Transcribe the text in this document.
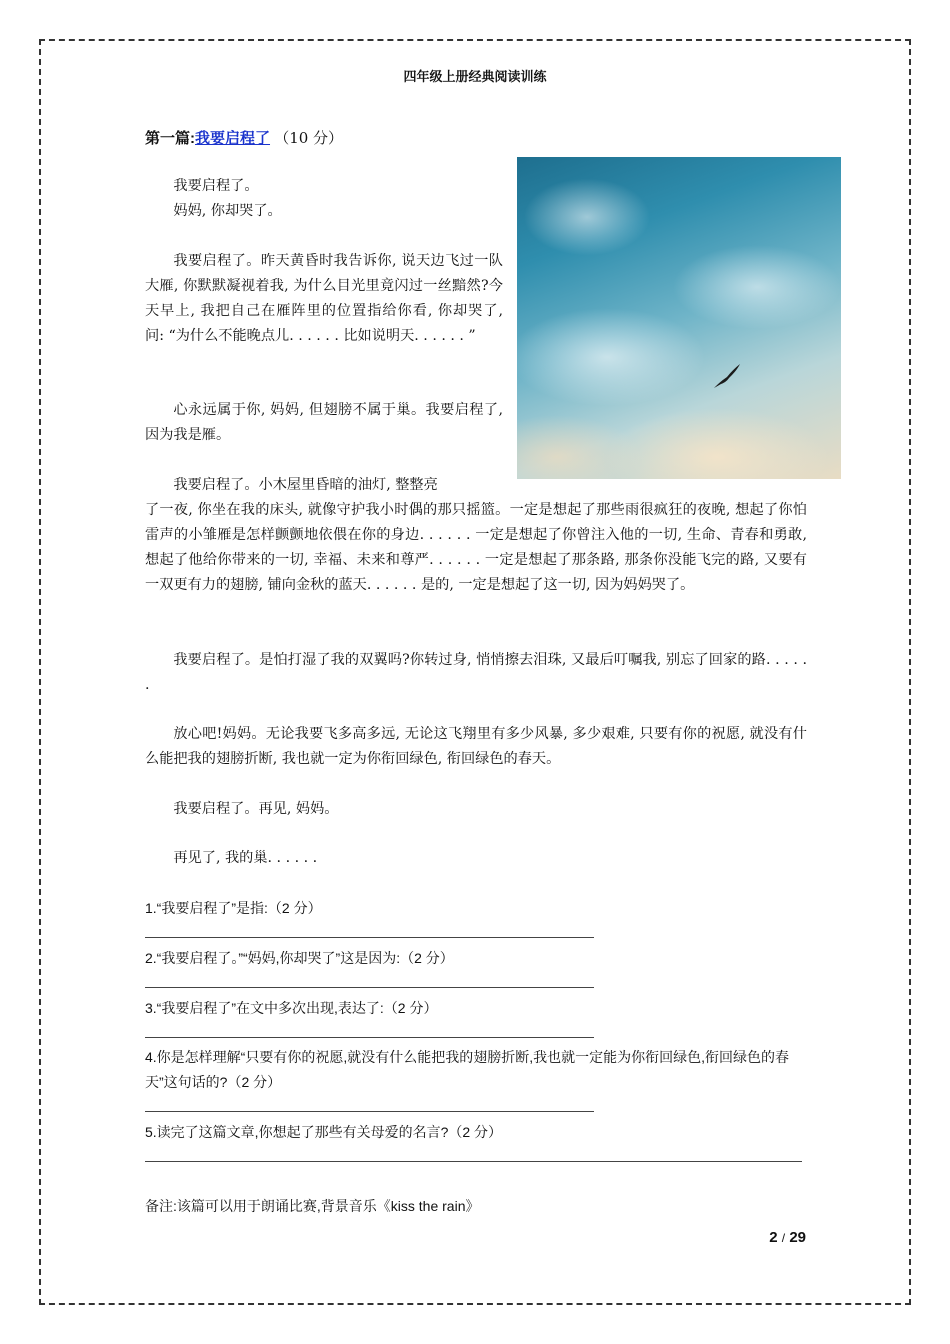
四年级上册经典阅读训练
第一篇:我要启程了 （10 分）

我要启程了。

妈妈, 你却哭了。

我要启程了。昨天黄昏时我告诉你, 说天边飞过一队大雁, 你默默凝视着我, 为什么目光里竟闪过一丝黯然?今天早上, 我把自己在雁阵里的位置指给你看, 你却哭了, 问: “为什么不能晚点儿. . . . . . 比如说明天. . . . . . ”

心永远属于你, 妈妈, 但翅膀不属于巢。我要启程了, 因为我是雁。

我要启程了。小木屋里昏暗的油灯, 整整亮

了一夜, 你坐在我的床头, 就像守护我小时偶的那只摇篮。一定是想起了那些雨很疯狂的夜晚, 想起了你怕雷声的小雏雁是怎样颤颤地依偎在你的身边. . . . . . 一定是想起了你曾注入他的一切, 生命、青春和勇敢, 想起了他给你带来的一切, 幸福、未来和尊严. . . . . . 一定是想起了那条路, 那条你没能飞完的路, 又要有一双更有力的翅膀, 铺向金秋的蓝天. . . . . . 是的, 一定是想起了这一切, 因为妈妈哭了。

我要启程了。是怕打湿了我的双翼吗?你转过身, 悄悄擦去泪珠, 又最后叮嘱我, 别忘了回家的路. . . . . .

放心吧!妈妈。无论我要飞多高多远, 无论这飞翔里有多少风暴, 多少艰难, 只要有你的祝愿, 就没有什么能把我的翅膀折断, 我也就一定为你衔回绿色, 衔回绿色的春天。

我要启程了。再见, 妈妈。

再见了, 我的巢. . . . . .

1.“我要启程了”是指:（2 分）
2.“我要启程了。”“妈妈,你却哭了”这是因为:（2 分）
3.“我要启程了”在文中多次出现,表达了:（2 分）
4.你是怎样理解“只要有你的祝愿,就没有什么能把我的翅膀折断,我也就一定能为你衔回绿色,衔回绿色的春天”这句话的?（2 分）
5.读完了这篇文章,你想起了那些有关母爱的名言?（2 分）
备注:该篇可以用于朗诵比赛,背景音乐《kiss the rain》
2 / 29
